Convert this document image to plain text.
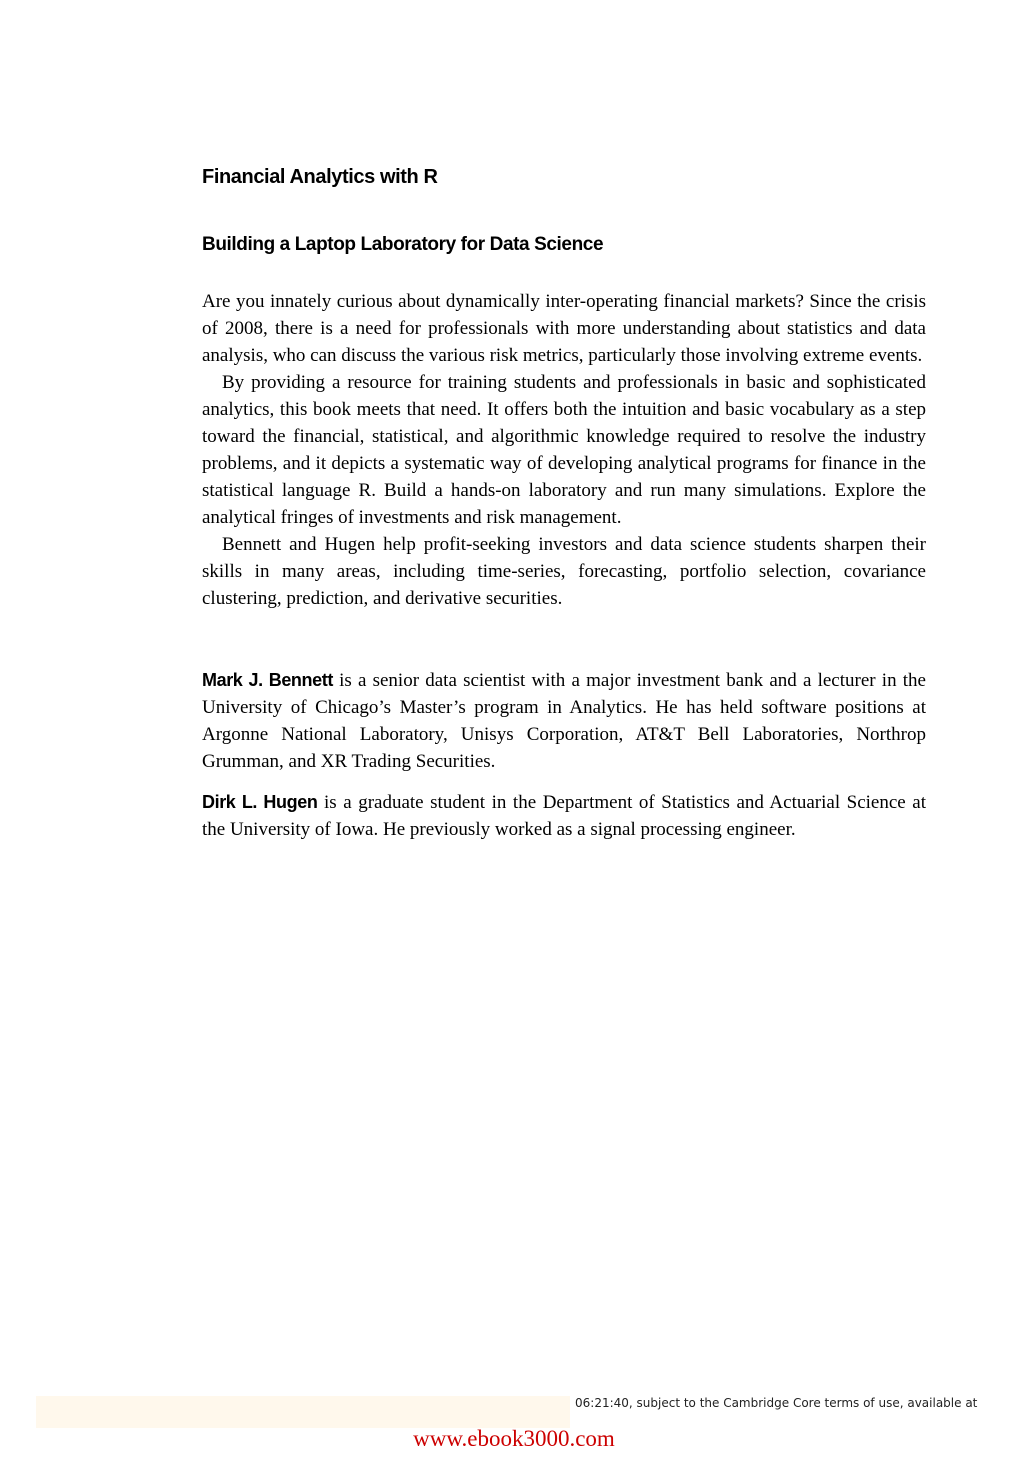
Financial Analytics with R
Building a Laptop Laboratory for Data Science

Are you innately curious about dynamically inter-operating financial markets? Since the crisis of 2008, there is a need for professionals with more understanding about statistics and data analysis, who can discuss the various risk metrics, particularly those involving extreme events.

By providing a resource for training students and professionals in basic and sophisticated analytics, this book meets that need. It offers both the intuition and basic vocabulary as a step toward the financial, statistical, and algorithmic knowledge required to resolve the industry problems, and it depicts a systematic way of developing analytical programs for finance in the statistical language R. Build a hands-on laboratory and run many simulations. Explore the analytical fringes of investments and risk management.

Bennett and Hugen help profit-seeking investors and data science students sharpen their skills in many areas, including time-series, forecasting, portfolio selection, covariance clustering, prediction, and derivative securities.

Mark J. Bennett is a senior data scientist with a major investment bank and a lecturer in the University of Chicago’s Master’s program in Analytics. He has held software positions at Argonne National Laboratory, Unisys Corporation, AT&T Bell Laboratories, Northrop Grumman, and XR Trading Securities.

Dirk L. Hugen is a graduate student in the Department of Statistics and Actuarial Science at the University of Iowa. He previously worked as a signal processing engineer.

06:21:40, subject to the Cambridge Core terms of use, available at
www.ebook3000.com
